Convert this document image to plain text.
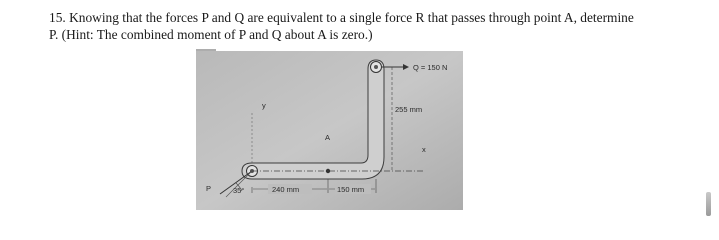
15. Knowing that the forces P and Q are equivalent to a single force R that passes through point A, determine

P. (Hint: The combined moment of P and Q about A is zero.)

Q = 150 N
255 mm
x
y
A
P	35°	240 mm	150 mm
